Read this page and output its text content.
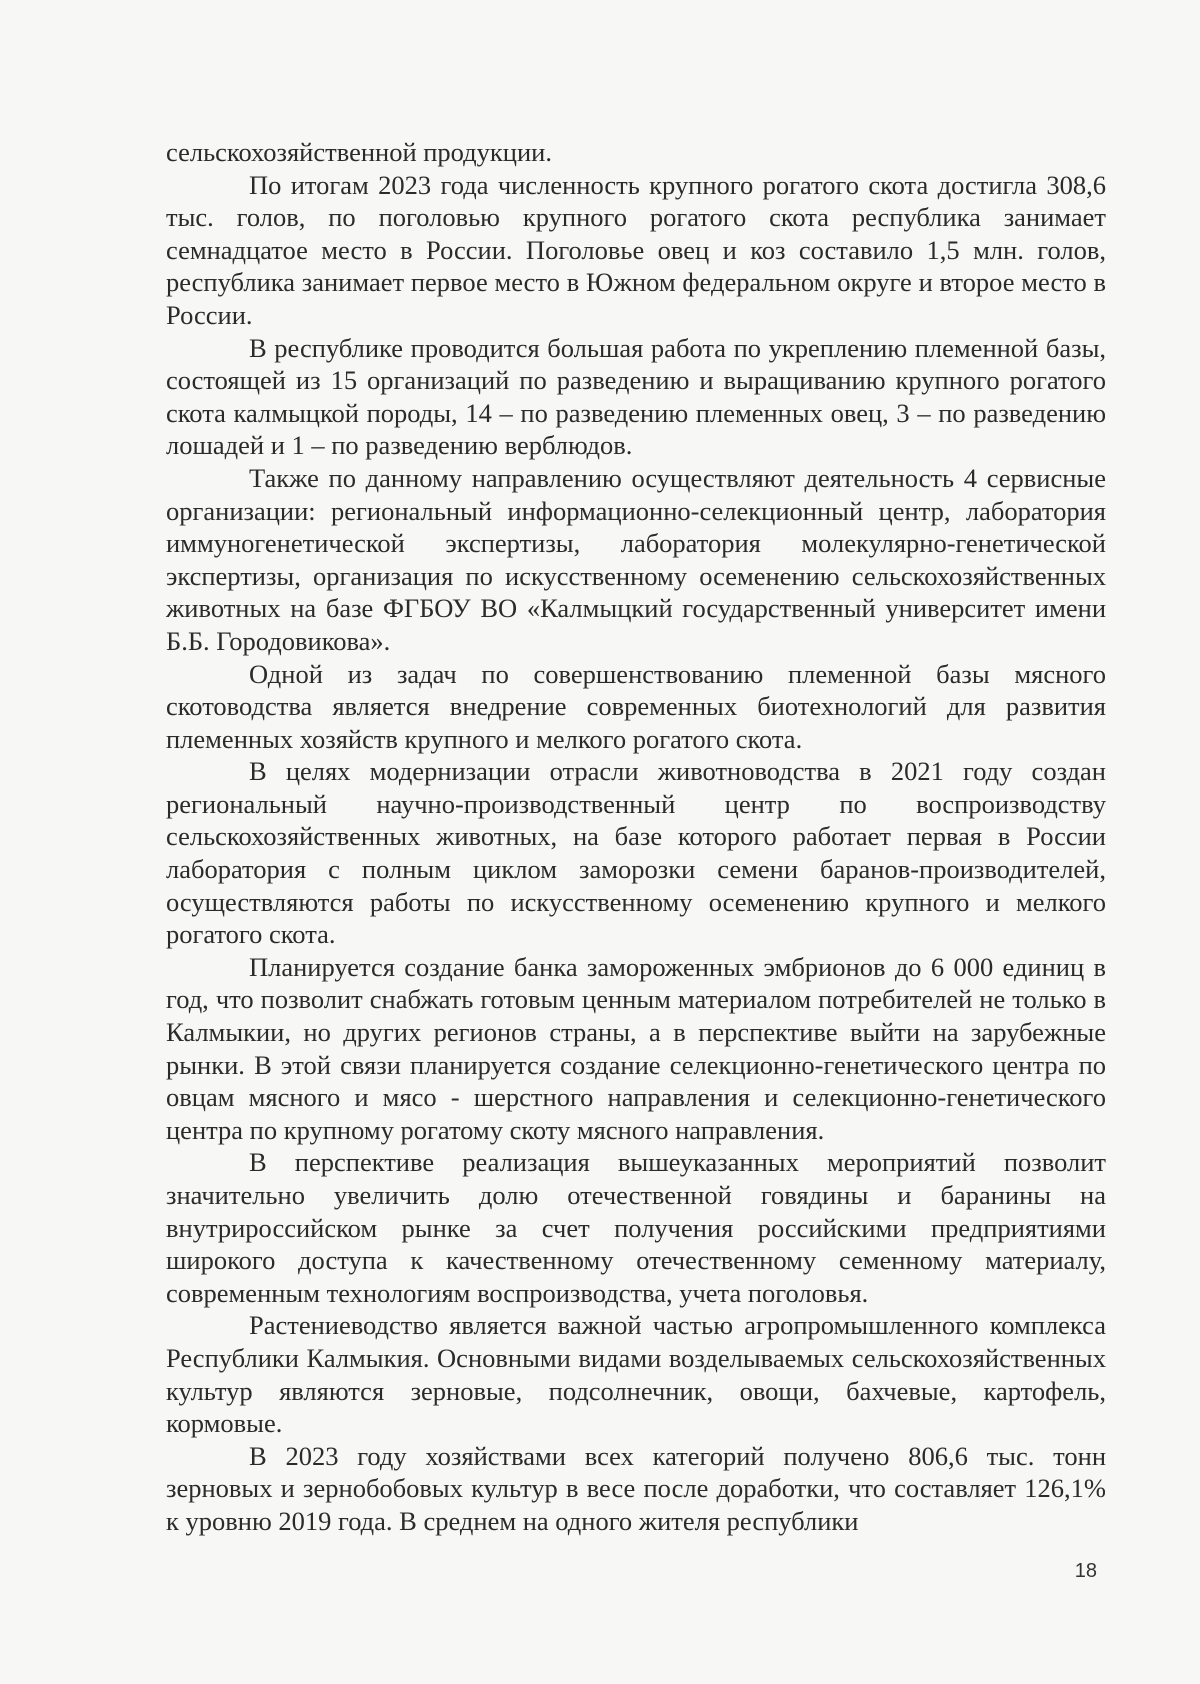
сельскохозяйственной продукции.

По итогам 2023 года численность крупного рогатого скота достигла 308,6 тыс. голов, по поголовью крупного рогатого скота республика занимает семнадцатое место в России. Поголовье овец и коз составило 1,5 млн. голов, республика занимает первое место в Южном федеральном округе и второе место в России.

В республике проводится большая работа по укреплению племенной базы, состоящей из 15 организаций по разведению и выращиванию крупного рогатого скота калмыцкой породы, 14 – по разведению племенных овец, 3 – по разведению лошадей и 1 – по разведению верблюдов.

Также по данному направлению осуществляют деятельность 4 сервисные организации: региональный информационно-селекционный центр, лаборатория иммуногенетической экспертизы, лаборатория молекулярно-генетической экспертизы, организация по искусственному осеменению сельскохозяйственных животных на базе ФГБОУ ВО «Калмыцкий государственный университет имени Б.Б. Городовикова».

Одной из задач по совершенствованию племенной базы мясного скотоводства является внедрение современных биотехнологий для развития племенных хозяйств крупного и мелкого рогатого скота.

В целях модернизации отрасли животноводства в 2021 году создан региональный научно-производственный центр по воспроизводству сельскохозяйственных животных, на базе которого работает первая в России лаборатория с полным циклом заморозки семени баранов-производителей, осуществляются работы по искусственному осеменению крупного и мелкого рогатого скота.

Планируется создание банка замороженных эмбрионов до 6 000 единиц в год, что позволит снабжать готовым ценным материалом потребителей не только в Калмыкии, но других регионов страны, а в перспективе выйти на зарубежные рынки. В этой связи планируется создание селекционно-генетического центра по овцам мясного и мясо - шерстного направления и селекционно-генетического центра по крупному рогатому скоту мясного направления.

В перспективе реализация вышеуказанных мероприятий позволит значительно увеличить долю отечественной говядины и баранины на внутрироссийском рынке за счет получения российскими предприятиями широкого доступа к качественному отечественному семенному материалу, современным технологиям воспроизводства, учета поголовья.

Растениеводство является важной частью агропромышленного комплекса Республики Калмыкия. Основными видами возделываемых сельскохозяйственных культур являются зерновые, подсолнечник, овощи, бахчевые, картофель, кормовые.

В 2023 году хозяйствами всех категорий получено 806,6 тыс. тонн зерновых и зернобобовых культур в весе после доработки, что составляет 126,1% к уровню 2019 года. В среднем на одного жителя республики

18
